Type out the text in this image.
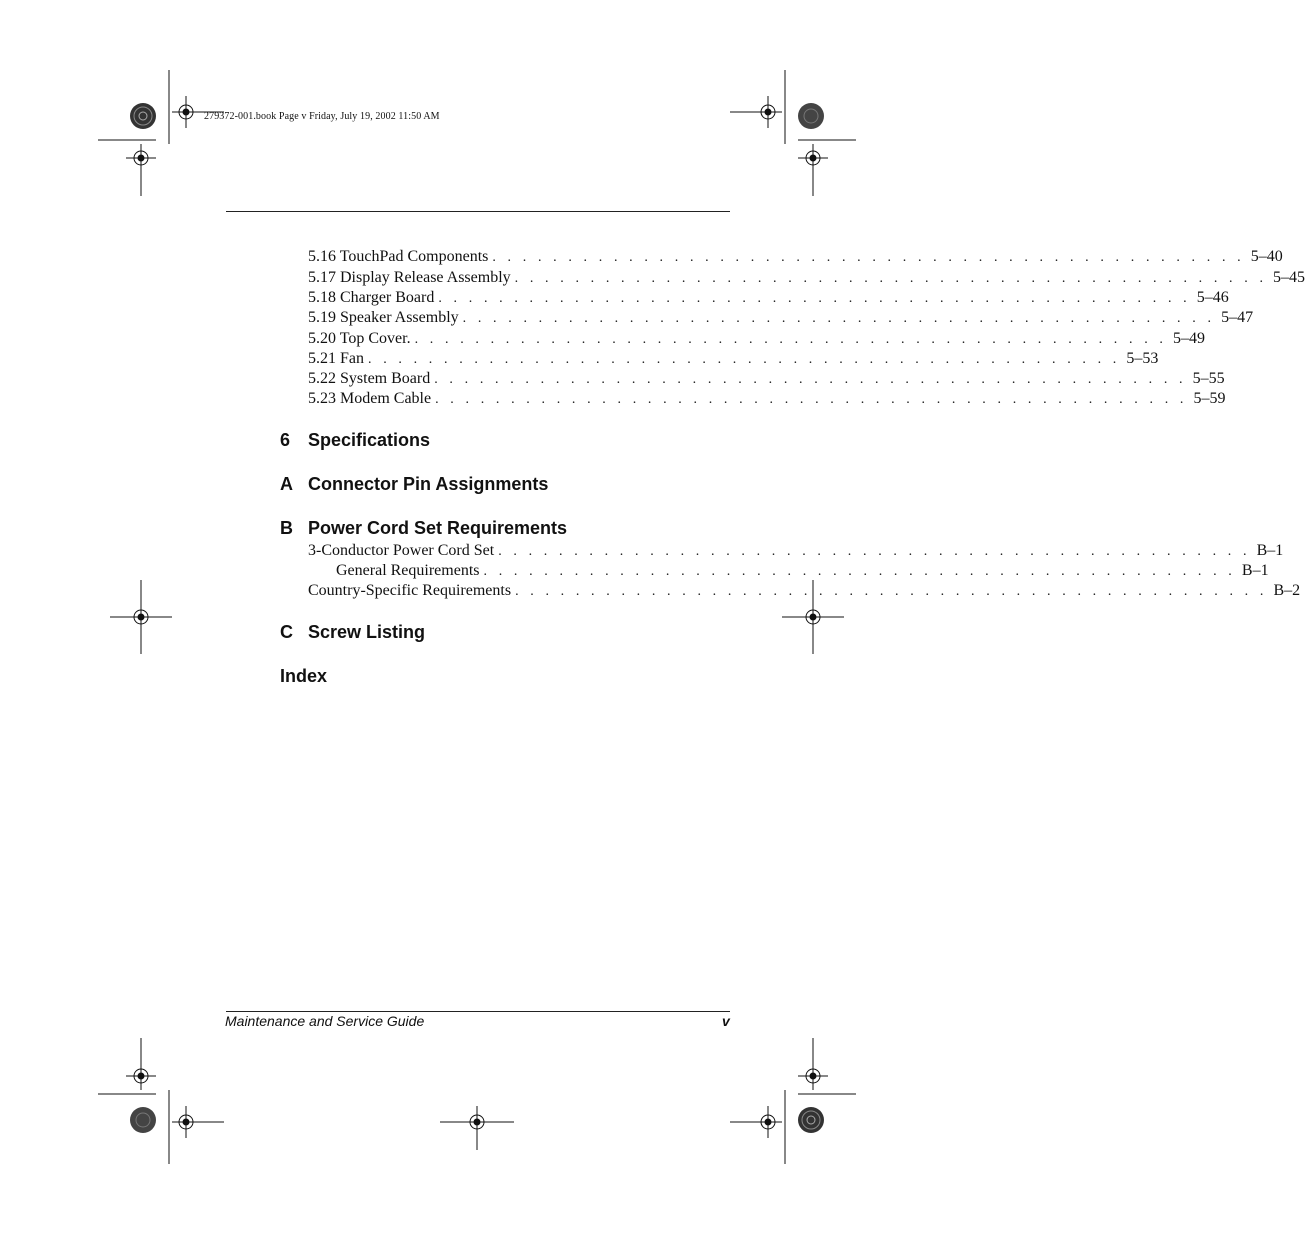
279372-001.book Page v Friday, July 19, 2002 11:50 AM
5.16 TouchPad Components . . . . . . . . . . . . . . . . . . . . . . . . . . . . . . . . . . . . . . . . . . . . . . . . . . 5–40
5.17 Display Release Assembly . . . . . . . . . . . . . . . . . . . . . . . . . . . . . . . . . . . . . . . . . . . . . . . . . . 5–45
5.18 Charger Board . . . . . . . . . . . . . . . . . . . . . . . . . . . . . . . . . . . . . . . . . . . . . . . . . . 5–46
5.19 Speaker Assembly . . . . . . . . . . . . . . . . . . . . . . . . . . . . . . . . . . . . . . . . . . . . . . . . . . 5–47
5.20 Top Cover. . . . . . . . . . . . . . . . . . . . . . . . . . . . . . . . . . . . . . . . . . . . . . . . . . . 5–49
5.21 Fan . . . . . . . . . . . . . . . . . . . . . . . . . . . . . . . . . . . . . . . . . . . . . . . . . . 5–53
5.22 System Board . . . . . . . . . . . . . . . . . . . . . . . . . . . . . . . . . . . . . . . . . . . . . . . . . . 5–55
5.23 Modem Cable . . . . . . . . . . . . . . . . . . . . . . . . . . . . . . . . . . . . . . . . . . . . . . . . . . 5–59
6 Specifications
A Connector Pin Assignments
B Power Cord Set Requirements
3-Conductor Power Cord Set . . . . . . . . . . . . . . . . . . . . . . . . . . . . . . . . . . . . . . . . . . . . . . . . . . B–1
General Requirements . . . . . . . . . . . . . . . . . . . . . . . . . . . . . . . . . . . . . . . . . . . . . . . . . . B–1
Country-Specific Requirements . . . . . . . . . . . . . . . . . . . . . . . . . . . . . . . . . . . . . . . . . . . . . . . . . . B–2
C Screw Listing
Index
Maintenance and Service Guide	v
